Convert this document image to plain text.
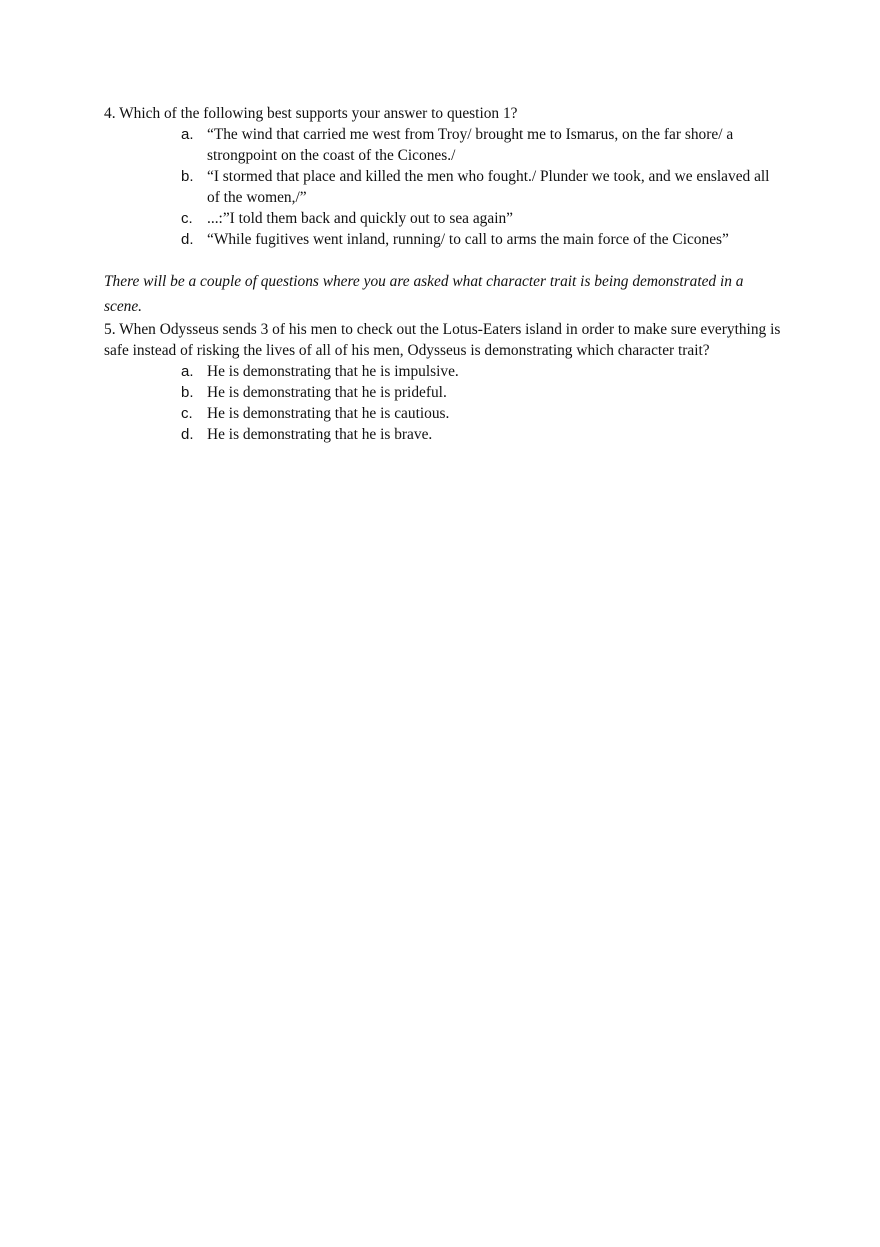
4. Which of the following best supports your answer to question 1?

a. “The wind that carried me west from Troy/ brought me to Ismarus, on the far shore/ a strongpoint on the coast of the Cicones./
b. “I stormed that place and killed the men who fought./ Plunder we took, and we enslaved all of the women,/”
c. ...:”I told them back and quickly out to sea again”
d. “While fugitives went inland, running/ to call to arms the main force of the Cicones”

There will be a couple of questions where you are asked what character trait is being demonstrated in a scene.

5. When Odysseus sends 3 of his men to check out the Lotus-Eaters island in order to make sure everything is safe instead of risking the lives of all of his men, Odysseus is demonstrating which character trait?

a. He is demonstrating that he is impulsive.
b. He is demonstrating that he is prideful.
c. He is demonstrating that he is cautious.
d. He is demonstrating that he is brave.
